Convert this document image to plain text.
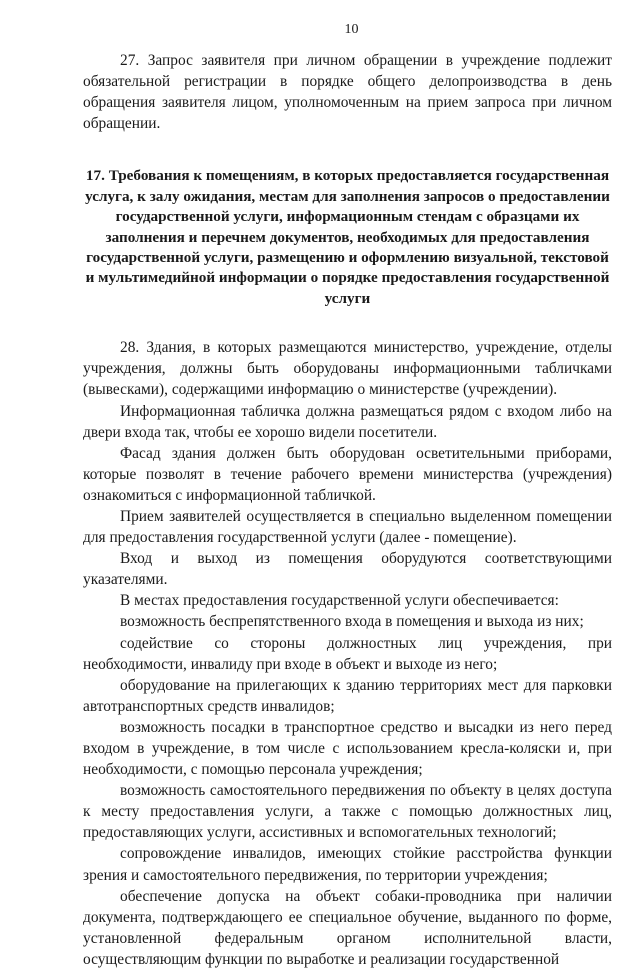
10

27. Запрос заявителя при личном обращении в учреждение подлежит обязательной регистрации в порядке общего делопроизводства в день обращения заявителя лицом, уполномоченным на прием запроса при личном обращении.

17. Требования к помещениям, в которых предоставляется государственная услуга, к залу ожидания, местам для заполнения запросов о предоставлении государственной услуги, информационным стендам с образцами их заполнения и перечнем документов, необходимых для предоставления государственной услуги, размещению и оформлению визуальной, текстовой и мультимедийной информации о порядке предоставления государственной услуги

28. Здания, в которых размещаются министерство, учреждение, отделы учреждения, должны быть оборудованы информационными табличками (вывесками), содержащими информацию о министерстве (учреждении).

Информационная табличка должна размещаться рядом с входом либо на двери входа так, чтобы ее хорошо видели посетители.

Фасад здания должен быть оборудован осветительными приборами, которые позволят в течение рабочего времени министерства (учреждения) ознакомиться с информационной табличкой.

Прием заявителей осуществляется в специально выделенном помещении для предоставления государственной услуги (далее - помещение).

Вход и выход из помещения оборудуются соответствующими указателями.

В местах предоставления государственной услуги обеспечивается:

возможность беспрепятственного входа в помещения и выхода из них;

содействие со стороны должностных лиц учреждения, при необходимости, инвалиду при входе в объект и выходе из него;

оборудование на прилегающих к зданию территориях мест для парковки автотранспортных средств инвалидов;

возможность посадки в транспортное средство и высадки из него перед входом в учреждение, в том числе с использованием кресла-коляски и, при необходимости, с помощью персонала учреждения;

возможность самостоятельного передвижения по объекту в целях доступа к месту предоставления услуги, а также с помощью должностных лиц, предоставляющих услуги, ассистивных и вспомогательных технологий;

сопровождение инвалидов, имеющих стойкие расстройства функции зрения и самостоятельного передвижения, по территории учреждения;

обеспечение допуска на объект собаки-проводника при наличии документа, подтверждающего ее специальное обучение, выданного по форме, установленной федеральным органом исполнительной власти, осуществляющим функции по выработке и реализации государственной
